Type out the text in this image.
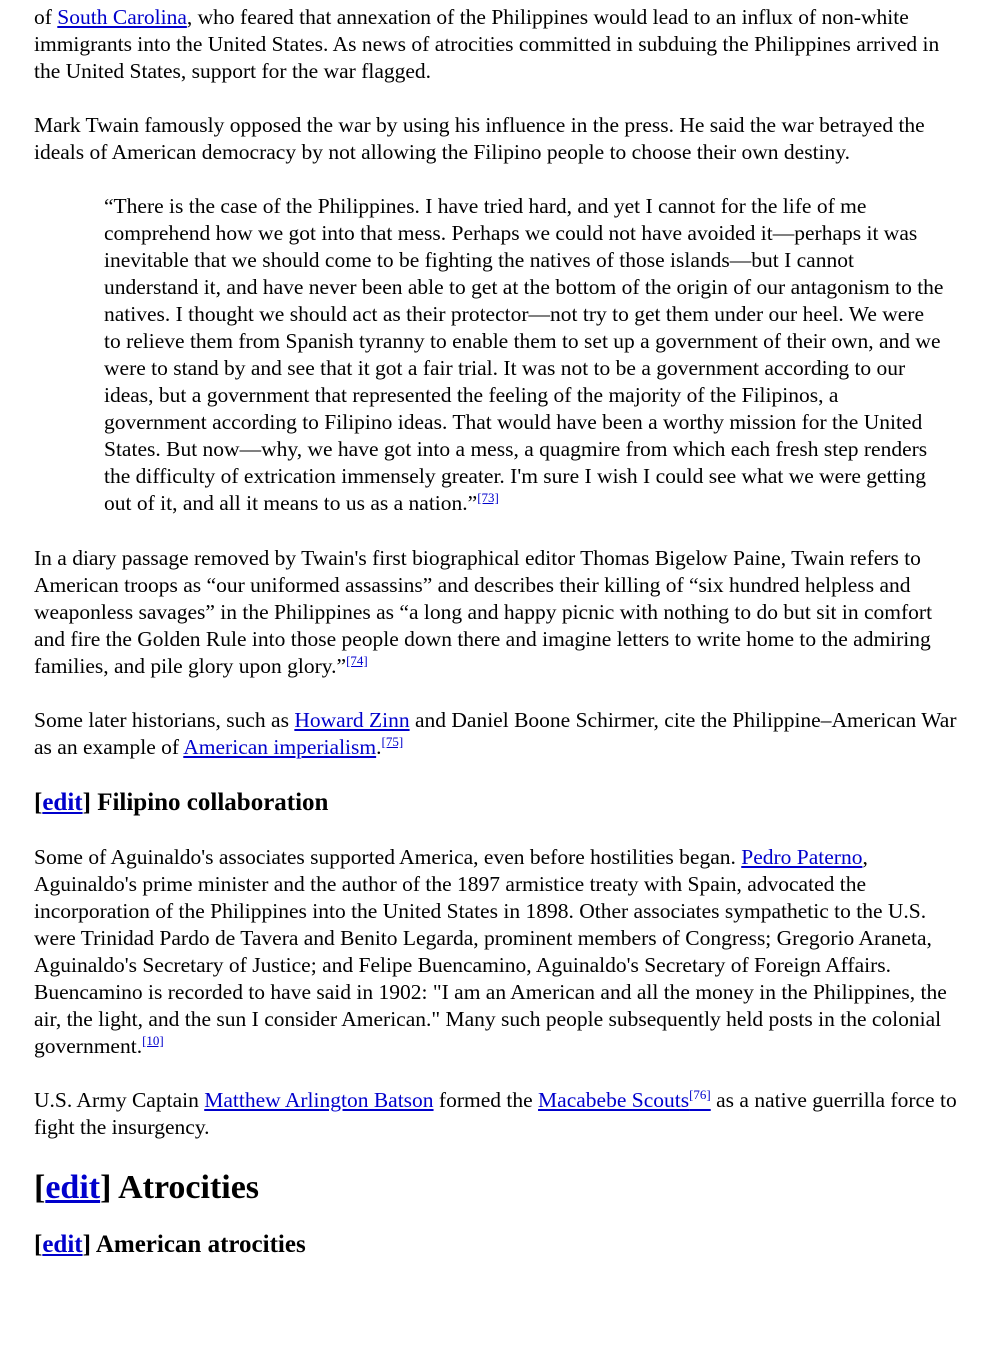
of South Carolina, who feared that annexation of the Philippines would lead to an influx of non-white immigrants into the United States. As news of atrocities committed in subduing the Philippines arrived in the United States, support for the war flagged.

Mark Twain famously opposed the war by using his influence in the press. He said the war betrayed the ideals of American democracy by not allowing the Filipino people to choose their own destiny.

“There is the case of the Philippines. I have tried hard, and yet I cannot for the life of me comprehend how we got into that mess. Perhaps we could not have avoided it—perhaps it was inevitable that we should come to be fighting the natives of those islands—but I cannot understand it, and have never been able to get at the bottom of the origin of our antagonism to the natives. I thought we should act as their protector—not try to get them under our heel. We were to relieve them from Spanish tyranny to enable them to set up a government of their own, and we were to stand by and see that it got a fair trial. It was not to be a government according to our ideas, but a government that represented the feeling of the majority of the Filipinos, a government according to Filipino ideas. That would have been a worthy mission for the United States. But now—why, we have got into a mess, a quagmire from which each fresh step renders the difficulty of extrication immensely greater. I'm sure I wish I could see what we were getting out of it, and all it means to us as a nation.”[73]

In a diary passage removed by Twain's first biographical editor Thomas Bigelow Paine, Twain refers to American troops as “our uniformed assassins” and describes their killing of “six hundred helpless and weaponless savages” in the Philippines as “a long and happy picnic with nothing to do but sit in comfort and fire the Golden Rule into those people down there and imagine letters to write home to the admiring families, and pile glory upon glory.”[74]

Some later historians, such as Howard Zinn and Daniel Boone Schirmer, cite the Philippine–American War as an example of American imperialism.[75]

[edit] Filipino collaboration

Some of Aguinaldo's associates supported America, even before hostilities began. Pedro Paterno, Aguinaldo's prime minister and the author of the 1897 armistice treaty with Spain, advocated the incorporation of the Philippines into the United States in 1898. Other associates sympathetic to the U.S. were Trinidad Pardo de Tavera and Benito Legarda, prominent members of Congress; Gregorio Araneta, Aguinaldo's Secretary of Justice; and Felipe Buencamino, Aguinaldo's Secretary of Foreign Affairs. Buencamino is recorded to have said in 1902: "I am an American and all the money in the Philippines, the air, the light, and the sun I consider American." Many such people subsequently held posts in the colonial government.[10]

U.S. Army Captain Matthew Arlington Batson formed the Macabebe Scouts[76] as a native guerrilla force to fight the insurgency.

[edit] Atrocities
[edit] American atrocities
